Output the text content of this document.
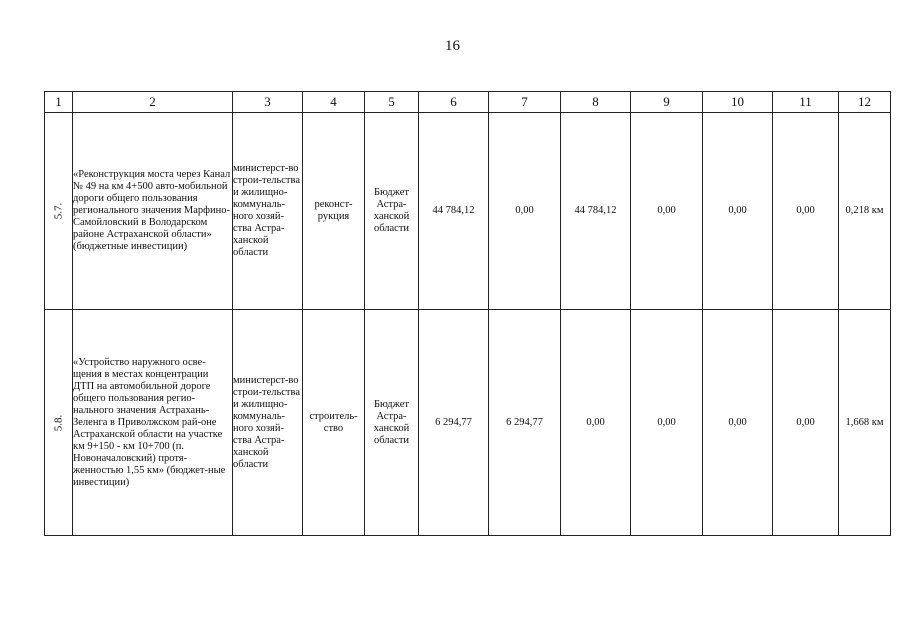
16
1	2	3	4	5	6	7	8	9	10	11	12

5.7.	«Реконструкция моста через Канал № 49 на км 4+500 авто-мобильной дороги общего пользования регионального значения Марфино-Самойловский в Володарском районе Астраханской области» (бюджетные инвестиции)	министерст-во строи-тельства и жилищно-коммуналь-ного хозяй-ства Астра-ханской области	реконст-рукция	Бюджет Астра-ханской области	44 784,12	0,00	44 784,12	0,00	0,00	0,00	0,218 км

5.8.	«Устройство наружного осве-щения в местах концентрации ДТП на автомобильной дороге общего пользования регио-нального значения Астрахань-Зеленга в Приволжском рай-оне Астраханской области на участке км 9+150 - км 10+700 (п. Новоначаловский) протя-женностью 1,55 км» (бюджет-ные инвестиции)	министерст-во строи-тельства и жилищно-коммуналь-ного хозяй-ства Астра-ханской области	строитель-ство	Бюджет Астра-ханской области	6 294,77	6 294,77	0,00	0,00	0,00	0,00	1,668 км
